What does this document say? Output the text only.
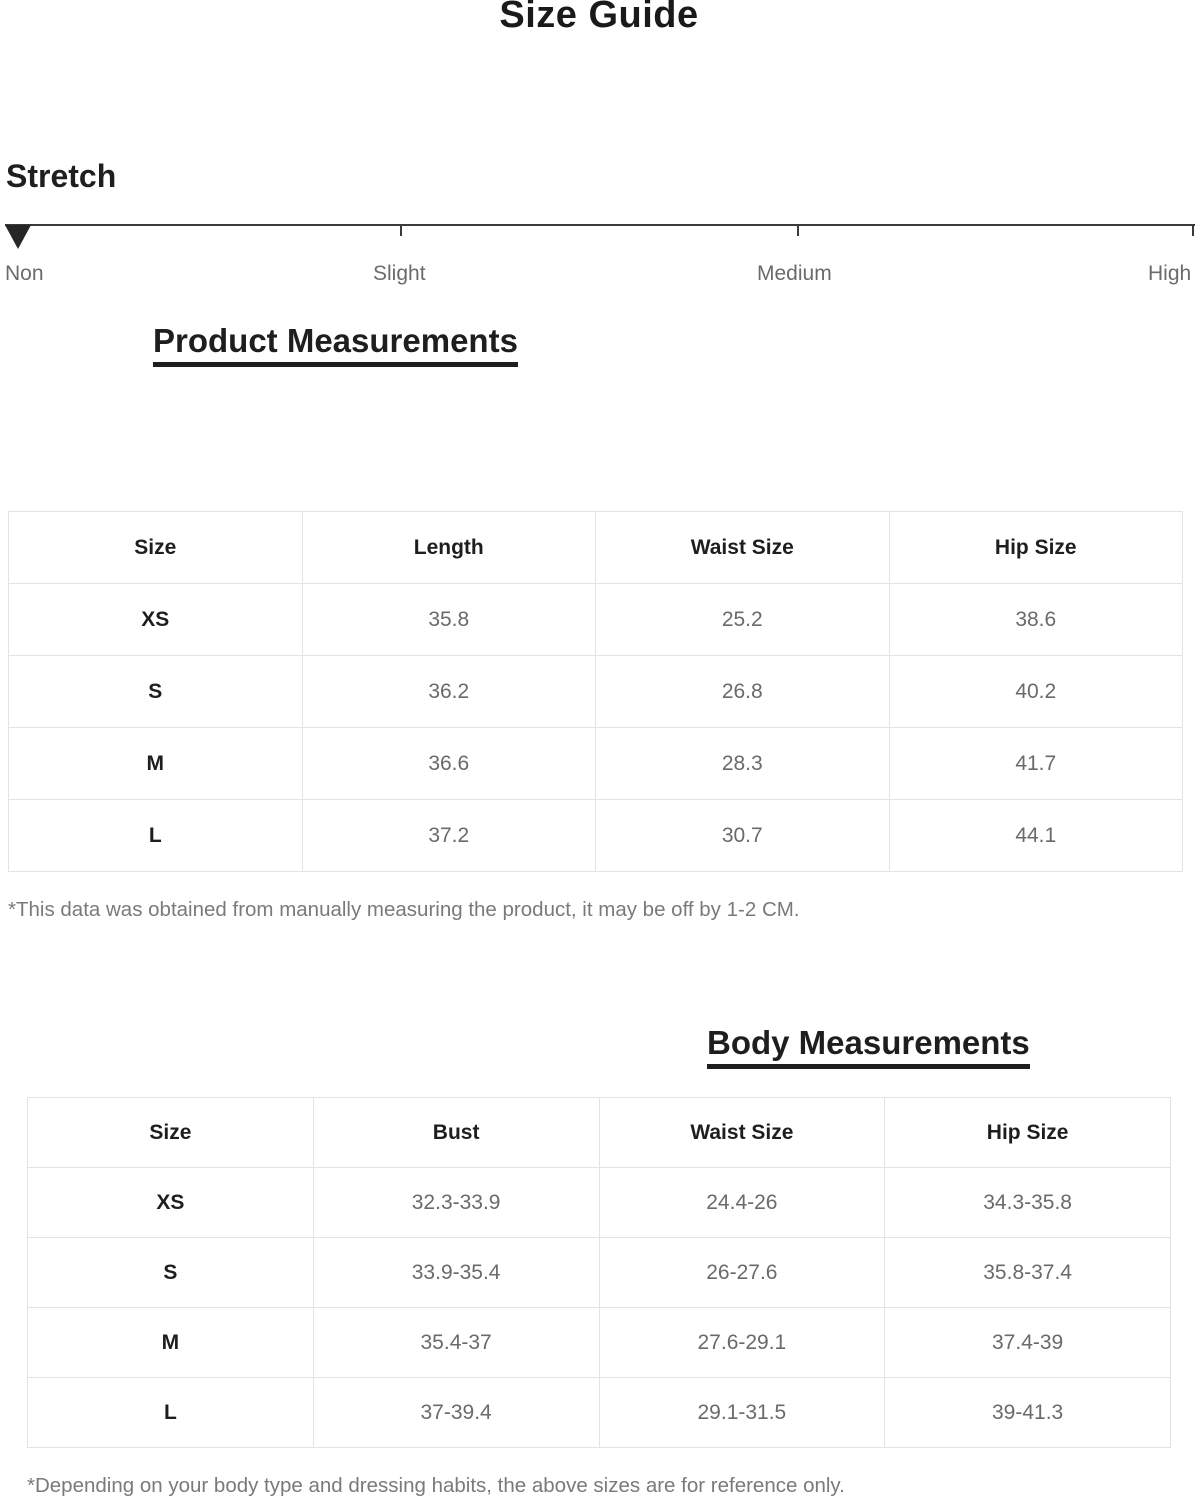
Size Guide
Stretch
Non	Slight	Medium	High
Product Measurements
Size	Length	Waist Size	Hip Size
XS	35.8	25.2	38.6
S	36.2	26.8	40.2
M	36.6	28.3	41.7
L	37.2	30.7	44.1
*This data was obtained from manually measuring the product, it may be off by 1-2 CM.
Body Measurements
Size	Bust	Waist Size	Hip Size
XS	32.3-33.9	24.4-26	34.3-35.8
S	33.9-35.4	26-27.6	35.8-37.4
M	35.4-37	27.6-29.1	37.4-39
L	37-39.4	29.1-31.5	39-41.3
*Depending on your body type and dressing habits, the above sizes are for reference only.
